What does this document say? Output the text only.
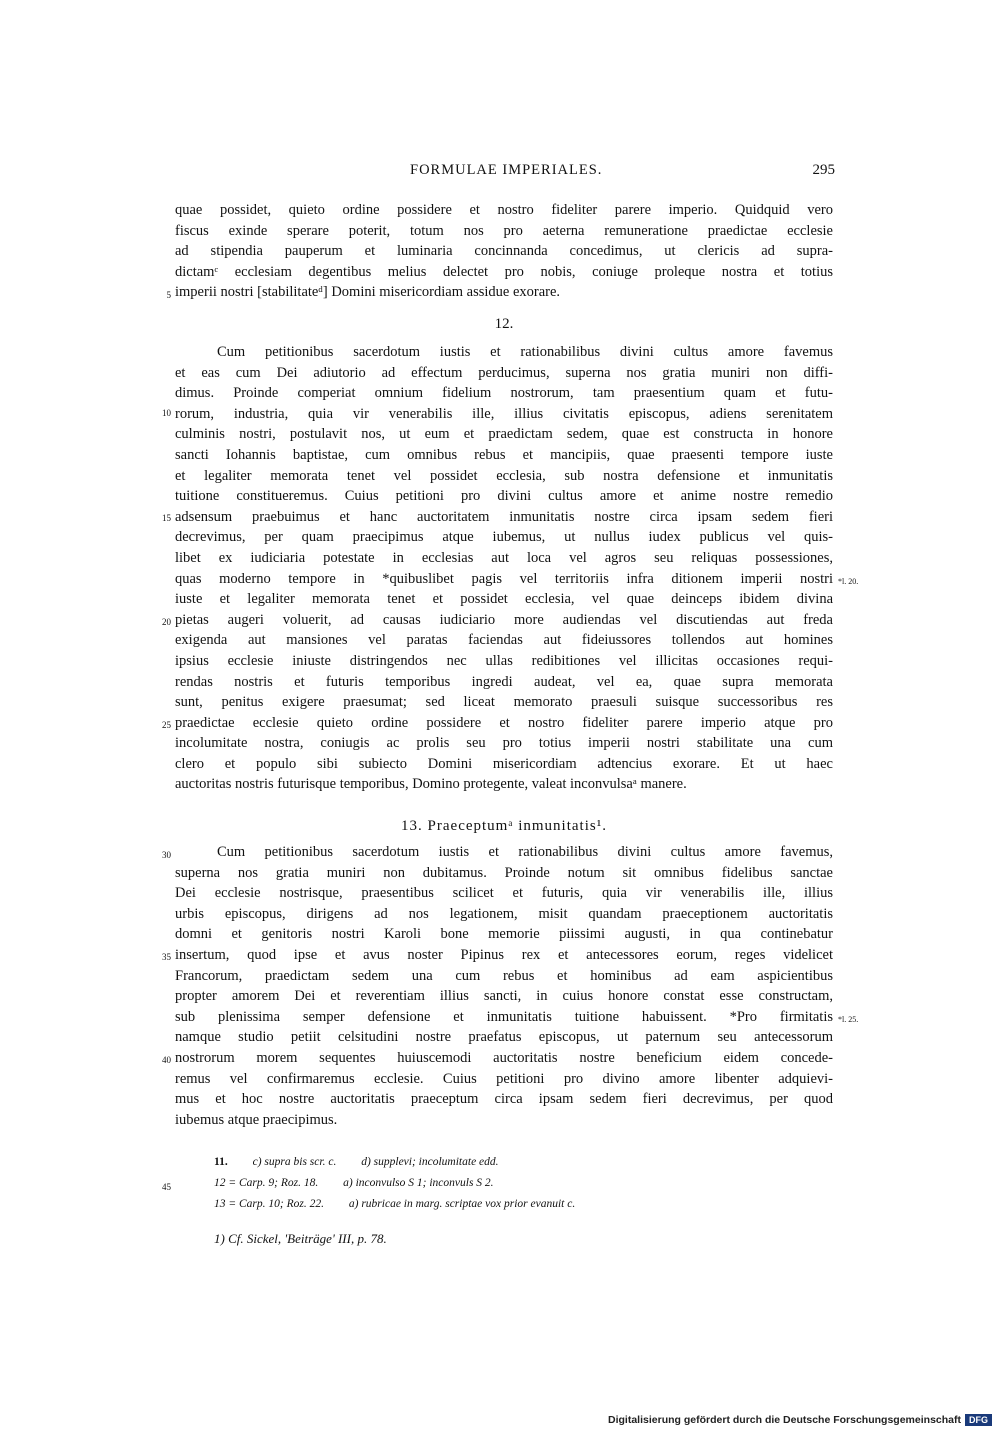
FORMULAE IMPERIALES.	295
quae possidet, quieto ordine possidere et nostro fideliter parere imperio. Quidquid vero
fiscus exinde sperare poterit, totum nos pro aeterna remuneratione praedictae ecclesie
ad stipendia pauperum et luminaria concinnanda concedimus, ut clericis ad supra-
dictamᶜ ecclesiam degentibus melius delectet pro nobis, coniuge proleque nostra et totius
imperii nostri [stabilitateᵈ] Domini misericordiam assidue exorare.
12.
Cum petitionibus sacerdotum iustis et rationabilibus divini cultus amore favemus
et eas cum Dei adiutorio ad effectum perducimus, superna nos gratia muniri non diffi-
dimus. Proinde comperiat omnium fidelium nostrorum, tam praesentium quam et futu-
rorum, industria, quia vir venerabilis ille, illius civitatis episcopus, adiens serenitatem
culminis nostri, postulavit nos, ut eum et praedictam sedem, quae est constructa in honore
sancti Iohannis baptistae, cum omnibus rebus et mancipiis, quae praesenti tempore iuste
et legaliter memorata tenet vel possidet ecclesia, sub nostra defensione et inmunitatis
tuitione constitueremus. Cuius petitioni pro divini cultus amore et anime nostre remedio
adsensum praebuimus et hanc auctoritatem inmunitatis nostre circa ipsam sedem fieri
decrevimus, per quam praecipimus atque iubemus, ut nullus iudex publicus vel quis-
libet ex iudiciaria potestate in ecclesias aut loca vel agros seu reliquas possessiones,
quas moderno tempore in *quibuslibet pagis vel territoriis infra ditionem imperii nostri
iuste et legaliter memorata tenet et possidet ecclesia, vel quae deinceps ibidem divina
pietas augeri voluerit, ad causas iudiciario more audiendas vel discutiendas aut freda
exigenda aut mansiones vel paratas faciendas aut fideiussores tollendos aut homines
ipsius ecclesie iniuste distringendos nec ullas redibitiones vel illicitas occasiones requi-
rendas nostris et futuris temporibus ingredi audeat, vel ea, quae supra memorata
sunt, penitus exigere praesumat; sed liceat memorato praesuli suisque successoribus res
praedictae ecclesie quieto ordine possidere et nostro fideliter parere imperio atque pro
incolumitate nostra, coniugis ac prolis seu pro totius imperii nostri stabilitate una cum
clero et populo sibi subiecto Domini misericordiam adtencius exorare. Et ut haec
auctoritas nostris futurisque temporibus, Domino protegente, valeat inconvulsaᵃ manere.
13. Praeceptumᵃ inmunitatis¹.
Cum petitionibus sacerdotum iustis et rationabilibus divini cultus amore favemus,
superna nos gratia muniri non dubitamus. Proinde notum sit omnibus fidelibus sanctae
Dei ecclesie nostrisque, praesentibus scilicet et futuris, quia vir venerabilis ille, illius
urbis episcopus, dirigens ad nos legationem, misit quandam praeceptionem auctoritatis
domni et genitoris nostri Karoli bone memorie piissimi augusti, in qua continebatur
insertum, quod ipse et avus noster Pipinus rex et antecessores eorum, reges videlicet
Francorum, praedictam sedem una cum rebus et hominibus ad eam aspicientibus
propter amorem Dei et reverentiam illius sancti, in cuius honore constat esse constructam,
sub plenissima semper defensione et inmunitatis tuitione habuissent. *Pro firmitatis
namque studio petiit celsitudini nostre praefatus episcopus, ut paternum seu antecessorum
nostrorum morem sequentes huiuscemodi auctoritatis nostre beneficium eidem concede-
remus vel confirmaremus ecclesie. Cuius petitioni pro divino amore libenter adquievi-
mus et hoc nostre auctoritatis praeceptum circa ipsam sedem fieri decrevimus, per quod
iubemus atque praecipimus.
5
10
15
20
25
30
35
40
45
*l. 20.
*l. 25.
11. c) supra bis scr. c. d) supplevi; incolumitate edd.
12 = Carp. 9; Roz. 18. a) inconvulso S 1; inconvuls S 2.
13 = Carp. 10; Roz. 22. a) rubricae in marg. scriptae vox prior evanuit c.
1) Cf. Sickel, 'Beiträge' III, p. 78.
Digitalisierung gefördert durch die Deutsche Forschungsgemeinschaft DFG
